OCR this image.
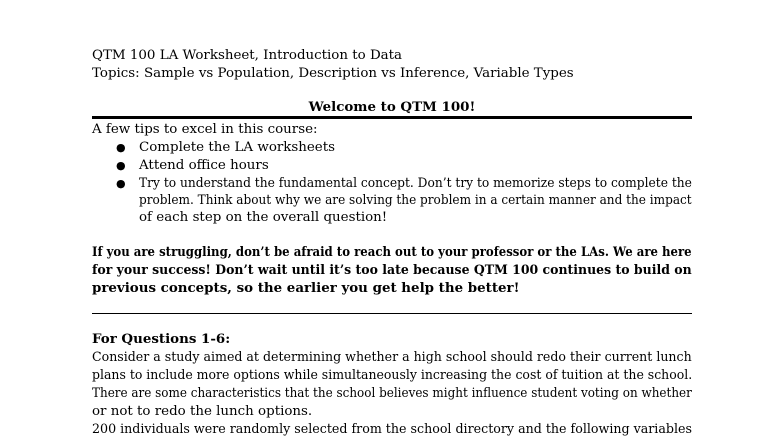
QTM 100 LA Worksheet, Introduction to Data
Topics: Sample vs Population, Description vs Inference, Variable Types
Welcome to QTM 100!
A few tips to excel in this course:
● Complete the LA worksheets
● Attend office hours
● Try to understand the fundamental concept. Don’t try to memorize steps to complete the
problem. Think about why we are solving the problem in a certain manner and the impact
of each step on the overall question!
If you are struggling, don’t be afraid to reach out to your professor or the LAs. We are here
for your success! Don’t wait until it’s too late because QTM 100 continues to build on
previous concepts, so the earlier you get help the better!
For Questions 1-6:
Consider a study aimed at determining whether a high school should redo their current lunch
plans to include more options while simultaneously increasing the cost of tuition at the school.
There are some characteristics that the school believes might influence student voting on whether
or not to redo the lunch options.
200 individuals were randomly selected from the school directory and the following variables
